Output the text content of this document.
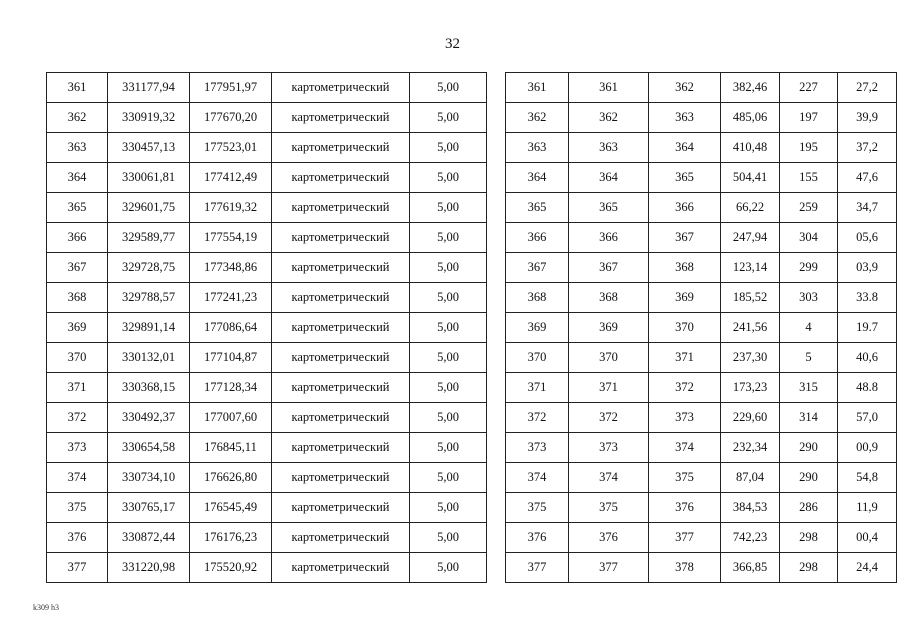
32
361	331177,94	177951,97	картометрический	5,00
362	330919,32	177670,20	картометрический	5,00
363	330457,13	177523,01	картометрический	5,00
364	330061,81	177412,49	картометрический	5,00
365	329601,75	177619,32	картометрический	5,00
366	329589,77	177554,19	картометрический	5,00
367	329728,75	177348,86	картометрический	5,00
368	329788,57	177241,23	картометрический	5,00
369	329891,14	177086,64	картометрический	5,00
370	330132,01	177104,87	картометрический	5,00
371	330368,15	177128,34	картометрический	5,00
372	330492,37	177007,60	картометрический	5,00
373	330654,58	176845,11	картометрический	5,00
374	330734,10	176626,80	картометрический	5,00
375	330765,17	176545,49	картометрический	5,00
376	330872,44	176176,23	картометрический	5,00
377	331220,98	175520,92	картометрический	5,00
361	361	362	382,46	227	27,2
362	362	363	485,06	197	39,9
363	363	364	410,48	195	37,2
364	364	365	504,41	155	47,6
365	365	366	66,22	259	34,7
366	366	367	247,94	304	05,6
367	367	368	123,14	299	03,9
368	368	369	185,52	303	33.8
369	369	370	241,56	4	19.7
370	370	371	237,30	5	40,6
371	371	372	173,23	315	48.8
372	372	373	229,60	314	57,0
373	373	374	232,34	290	00,9
374	374	375	87,04	290	54,8
375	375	376	384,53	286	11,9
376	376	377	742,23	298	00,4
377	377	378	366,85	298	24,4
k309 h3
